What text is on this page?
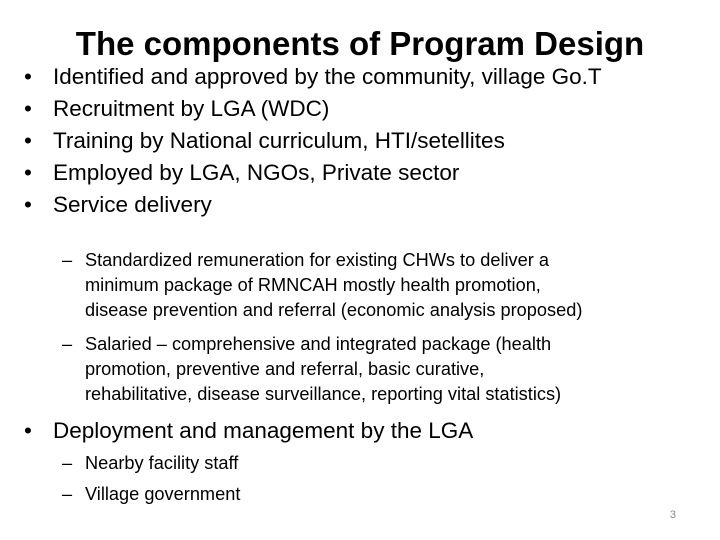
The components of Program Design
• Identified and approved by the community, village Go.T
• Recruitment by LGA (WDC)
• Training by National curriculum, HTI/setellites
• Employed by LGA, NGOs, Private sector
• Service delivery
– Standardized remuneration for existing CHWs to deliver a
minimum package of RMNCAH mostly health promotion,
disease prevention and referral (economic analysis proposed)
– Salaried – comprehensive and integrated package (health
promotion, preventive and referral, basic curative,
rehabilitative, disease surveillance, reporting vital statistics)
• Deployment and management by the LGA
– Nearby facility staff
– Village government
3
